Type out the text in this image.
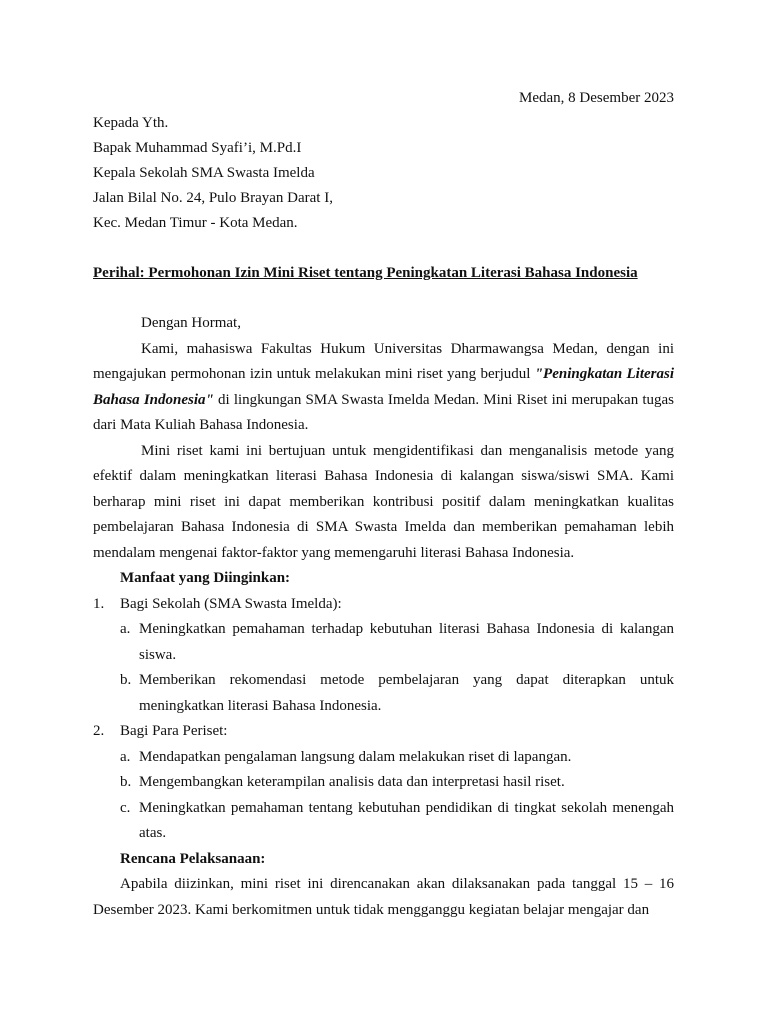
Medan, 8 Desember 2023
Kepada Yth.
Bapak Muhammad Syafi’i, M.Pd.I
Kepala Sekolah SMA Swasta Imelda
Jalan Bilal No. 24, Pulo Brayan Darat I,
Kec. Medan Timur - Kota Medan.
Perihal: Permohonan Izin Mini Riset tentang Peningkatan Literasi Bahasa Indonesia

Dengan Hormat,

Kami, mahasiswa Fakultas Hukum Universitas Dharmawangsa Medan, dengan ini mengajukan permohonan izin untuk melakukan mini riset yang berjudul "Peningkatan Literasi Bahasa Indonesia" di lingkungan SMA Swasta Imelda Medan. Mini Riset ini merupakan tugas dari Mata Kuliah Bahasa Indonesia.

Mini riset kami ini bertujuan untuk mengidentifikasi dan menganalisis metode yang efektif dalam meningkatkan literasi Bahasa Indonesia di kalangan siswa/siswi SMA. Kami berharap mini riset ini dapat memberikan kontribusi positif dalam meningkatkan kualitas pembelajaran Bahasa Indonesia di SMA Swasta Imelda dan memberikan pemahaman lebih mendalam mengenai faktor-faktor yang memengaruhi literasi Bahasa Indonesia.

Manfaat yang Diinginkan:
1. Bagi Sekolah (SMA Swasta Imelda):
a. Meningkatkan pemahaman terhadap kebutuhan literasi Bahasa Indonesia di kalangan siswa.
b. Memberikan rekomendasi metode pembelajaran yang dapat diterapkan untuk meningkatkan literasi Bahasa Indonesia.
2. Bagi Para Periset:
a. Mendapatkan pengalaman langsung dalam melakukan riset di lapangan.
b. Mengembangkan keterampilan analisis data dan interpretasi hasil riset.
c. Meningkatkan pemahaman tentang kebutuhan pendidikan di tingkat sekolah menengah atas.
Rencana Pelaksanaan:

Apabila diizinkan, mini riset ini direncanakan akan dilaksanakan pada tanggal 15 – 16 Desember 2023. Kami berkomitmen untuk tidak mengganggu kegiatan belajar mengajar dan
